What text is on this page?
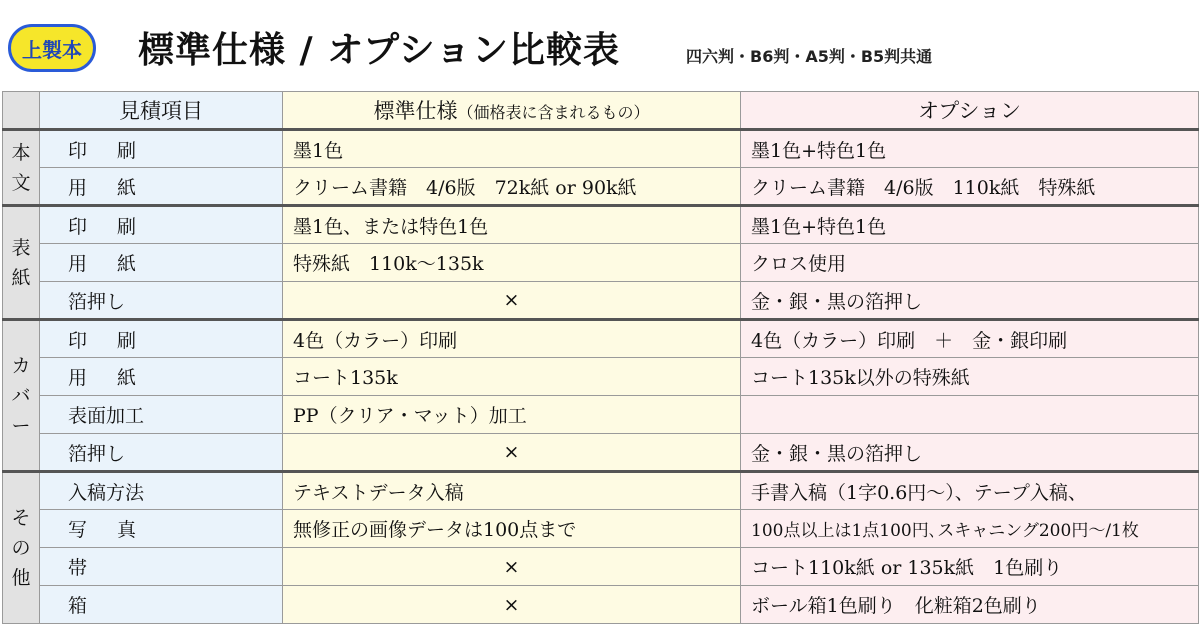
上製本	標準仕様 / オプション比較表	四六判・B6判・A5判・B5判共通
	見積項目	標準仕様（価格表に含まれるもの）	オプション
本文	印 刷	墨1色	墨1色+特色1色
	用 紙	クリーム書籍　4/6版　72k紙 or 90k紙	クリーム書籍　4/6版　110k紙　特殊紙
表紙	印 刷	墨1色、または特色1色	墨1色+特色1色
	用 紙	特殊紙　110k〜135k	クロス使用
	箔押し	×	金・銀・黒の箔押し
カバー	印 刷	4色（カラー）印刷	4色（カラー）印刷　＋　金・銀印刷
	用 紙	コート135k	コート135k以外の特殊紙
	表面加工	PP（クリア・マット）加工	
	箔押し	×	金・銀・黒の箔押し
その他	入稿方法	テキストデータ入稿	手書入稿（1字0.6円〜）、テープ入稿、
	写 真	無修正の画像データは100点まで	100点以上は1点100円､スキャニング200円〜/1枚
	帯	×	コート110k紙 or 135k紙　1色刷り
	箱	×	ボール箱1色刷り　化粧箱2色刷り
